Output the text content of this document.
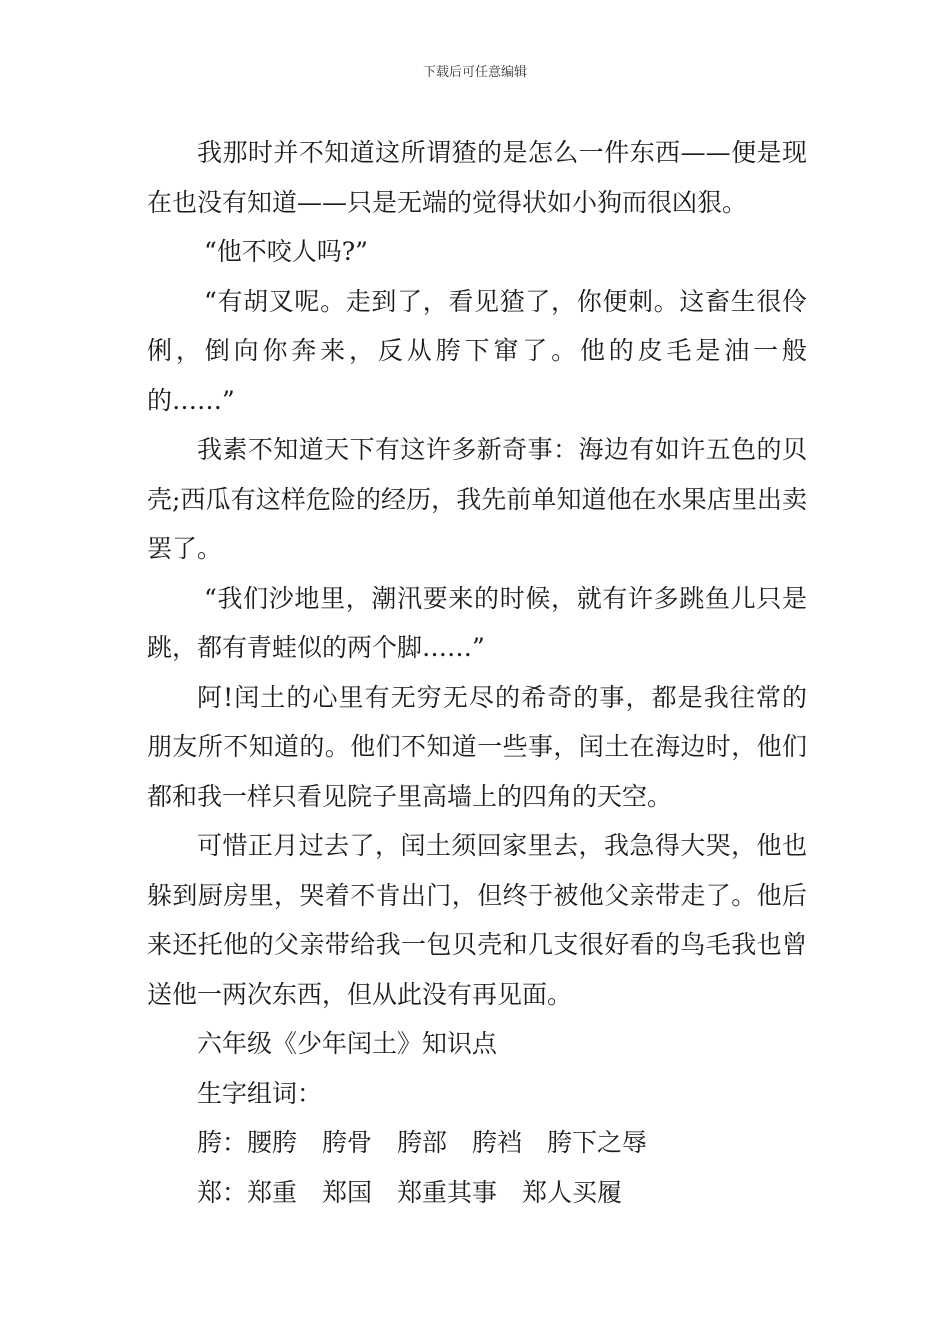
下载后可任意编辑

我那时并不知道这所谓猹的是怎么一件东西——便是现在也没有知道——只是无端的觉得状如小狗而很凶狠。

“他不咬人吗?”

“有胡叉呢。走到了，看见猹了，你便刺。这畜生很伶俐，倒向你奔来，反从胯下窜了。他的皮毛是油一般的……”

我素不知道天下有这许多新奇事：海边有如许五色的贝壳;西瓜有这样危险的经历，我先前单知道他在水果店里出卖罢了。

“我们沙地里，潮汛要来的时候，就有许多跳鱼儿只是跳，都有青蛙似的两个脚……”

阿!闰土的心里有无穷无尽的希奇的事，都是我往常的朋友所不知道的。他们不知道一些事，闰土在海边时，他们都和我一样只看见院子里高墙上的四角的天空。

可惜正月过去了，闰土须回家里去，我急得大哭，他也躲到厨房里，哭着不肯出门，但终于被他父亲带走了。他后来还托他的父亲带给我一包贝壳和几支很好看的鸟毛我也曾送他一两次东西，但从此没有再见面。

六年级《少年闰土》知识点

生字组词：

胯：腰胯　胯骨　胯部　胯裆　胯下之辱

郑：郑重　郑国　郑重其事　郑人买履
